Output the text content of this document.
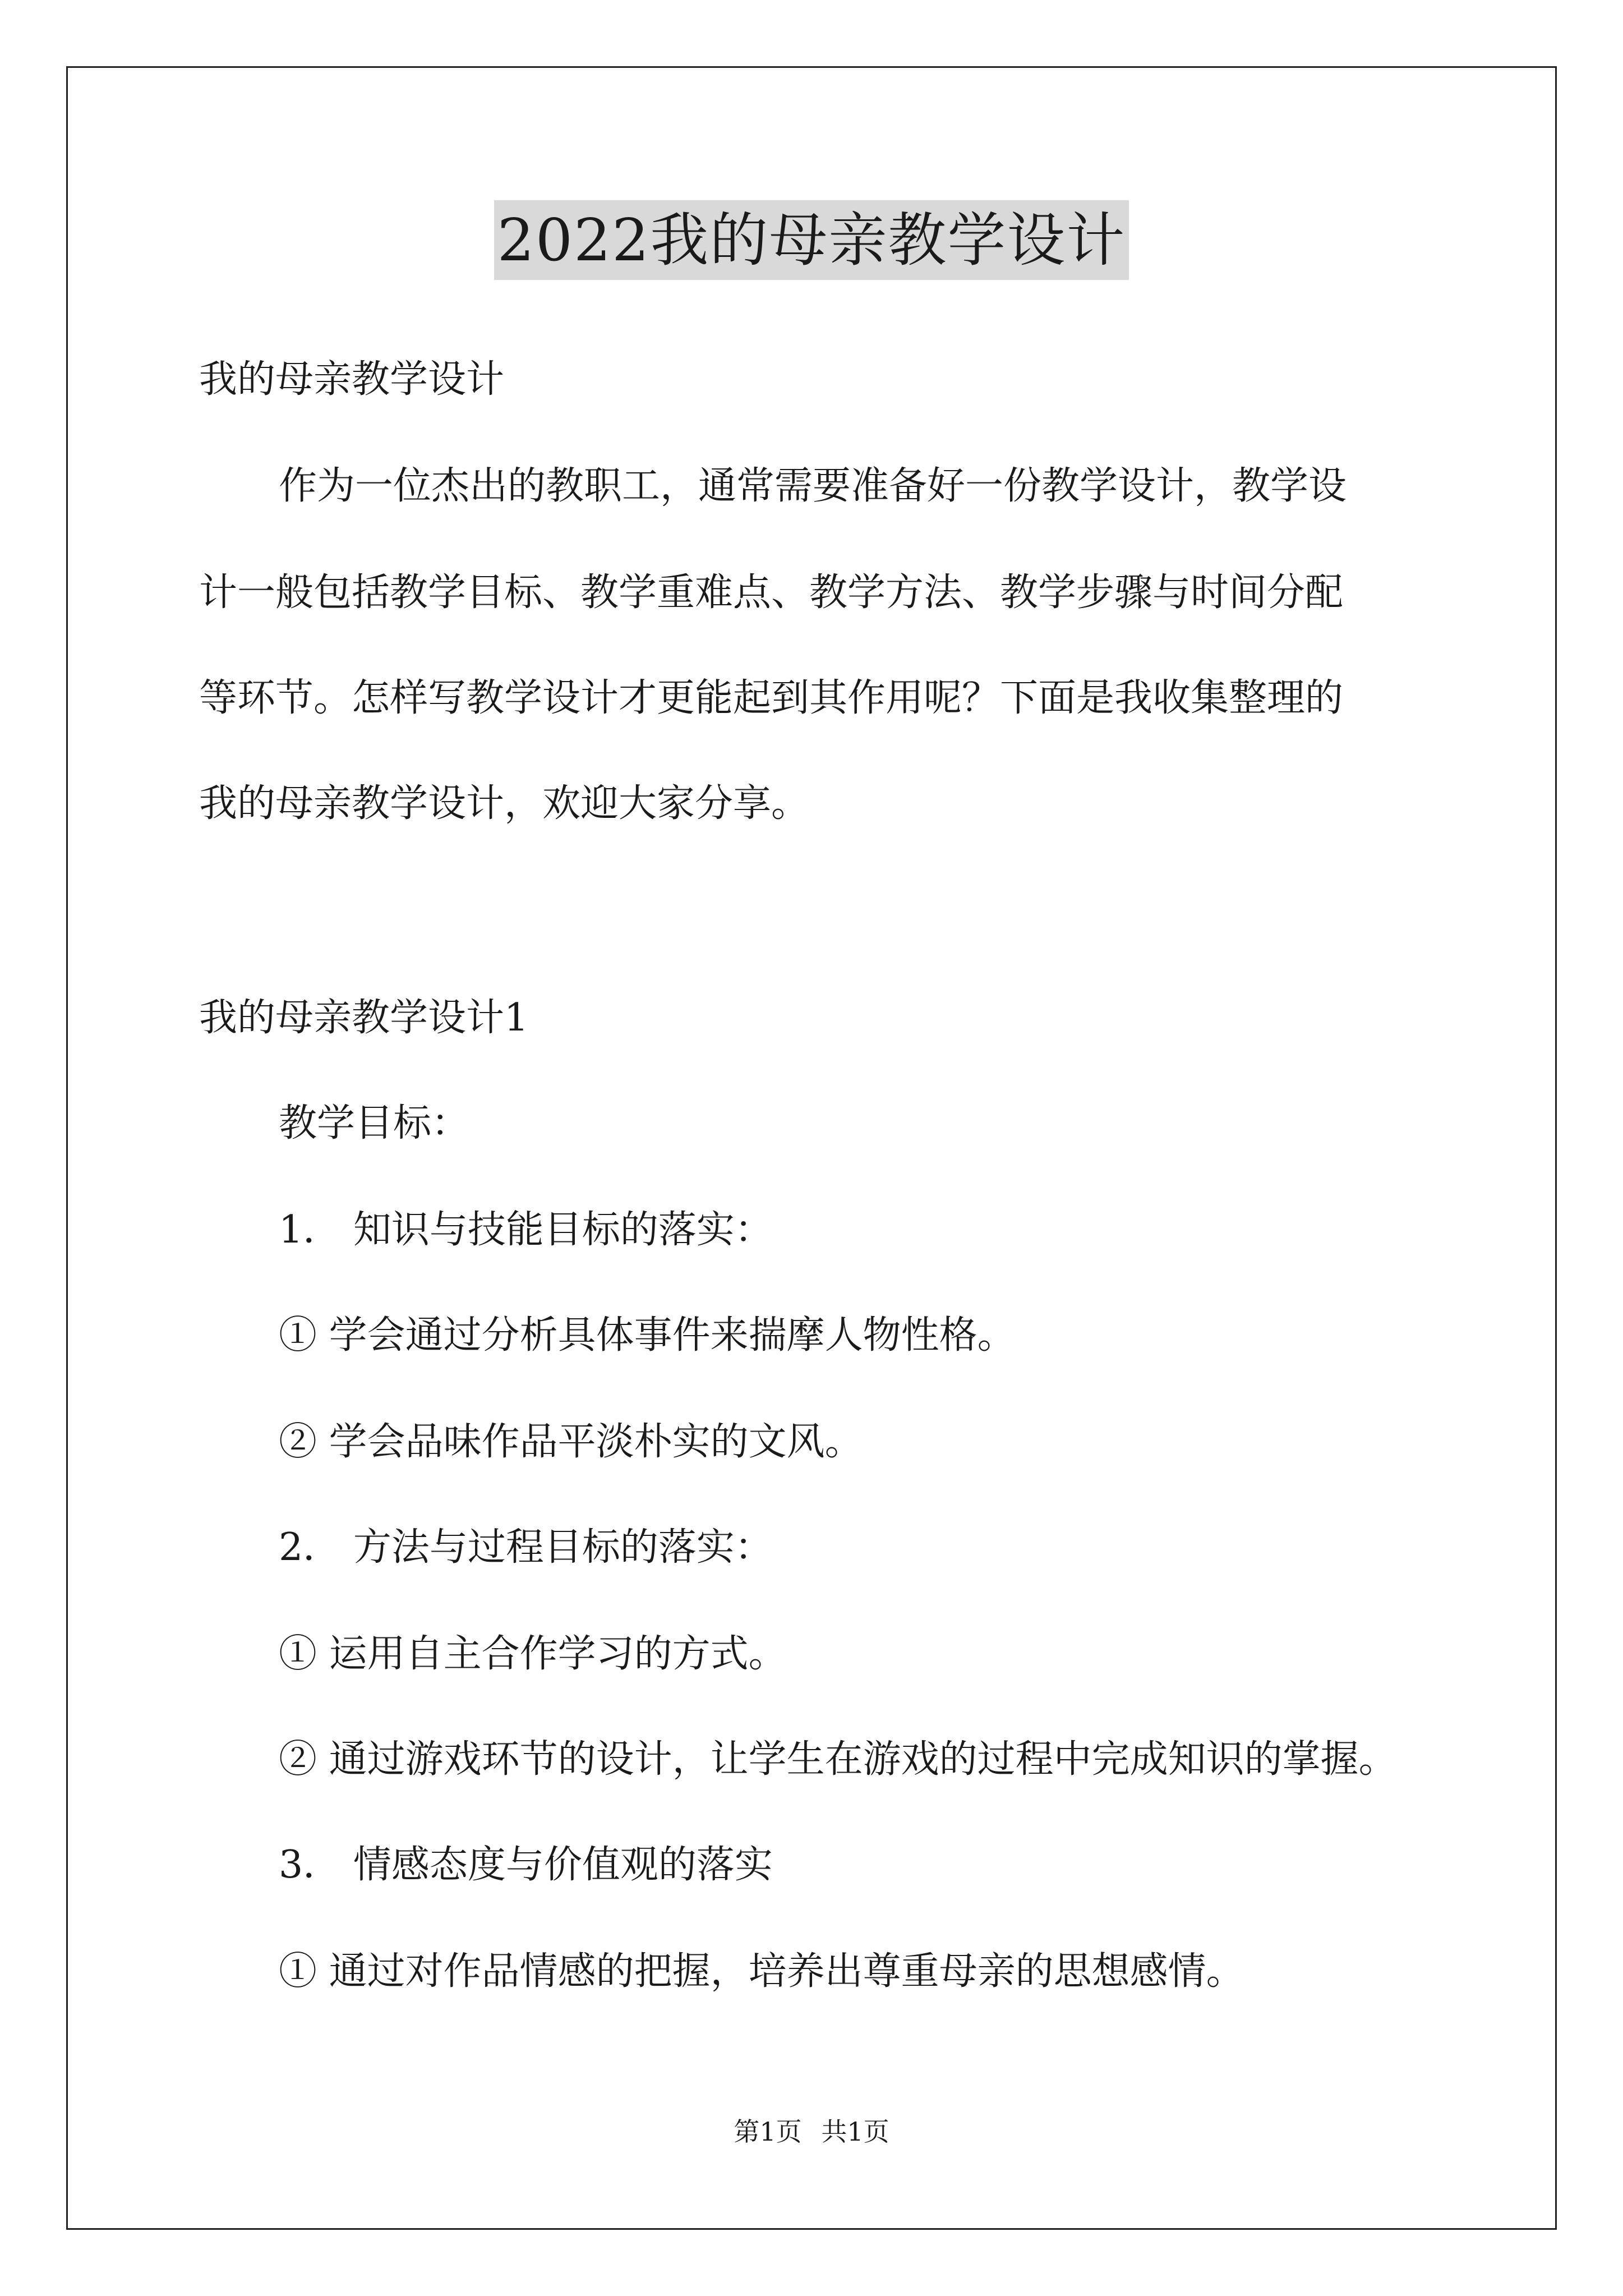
2022我的母亲教学设计
我的母亲教学设计
作为一位杰出的教职工，通常需要准备好一份教学设计，教学设
计一般包括教学目标、教学重难点、教学方法、教学步骤与时间分配
等环节。怎样写教学设计才更能起到其作用呢？下面是我收集整理的
我的母亲教学设计，欢迎大家分享。
我的母亲教学设计1
教学目标：
1． 知识与技能目标的落实：
① 学会通过分析具体事件来揣摩人物性格。
② 学会品味作品平淡朴实的文风。
2． 方法与过程目标的落实：
① 运用自主合作学习的方式。
② 通过游戏环节的设计，让学生在游戏的过程中完成知识的掌握。
3． 情感态度与价值观的落实
① 通过对作品情感的把握，培养出尊重母亲的思想感情。
第1页 共1页
